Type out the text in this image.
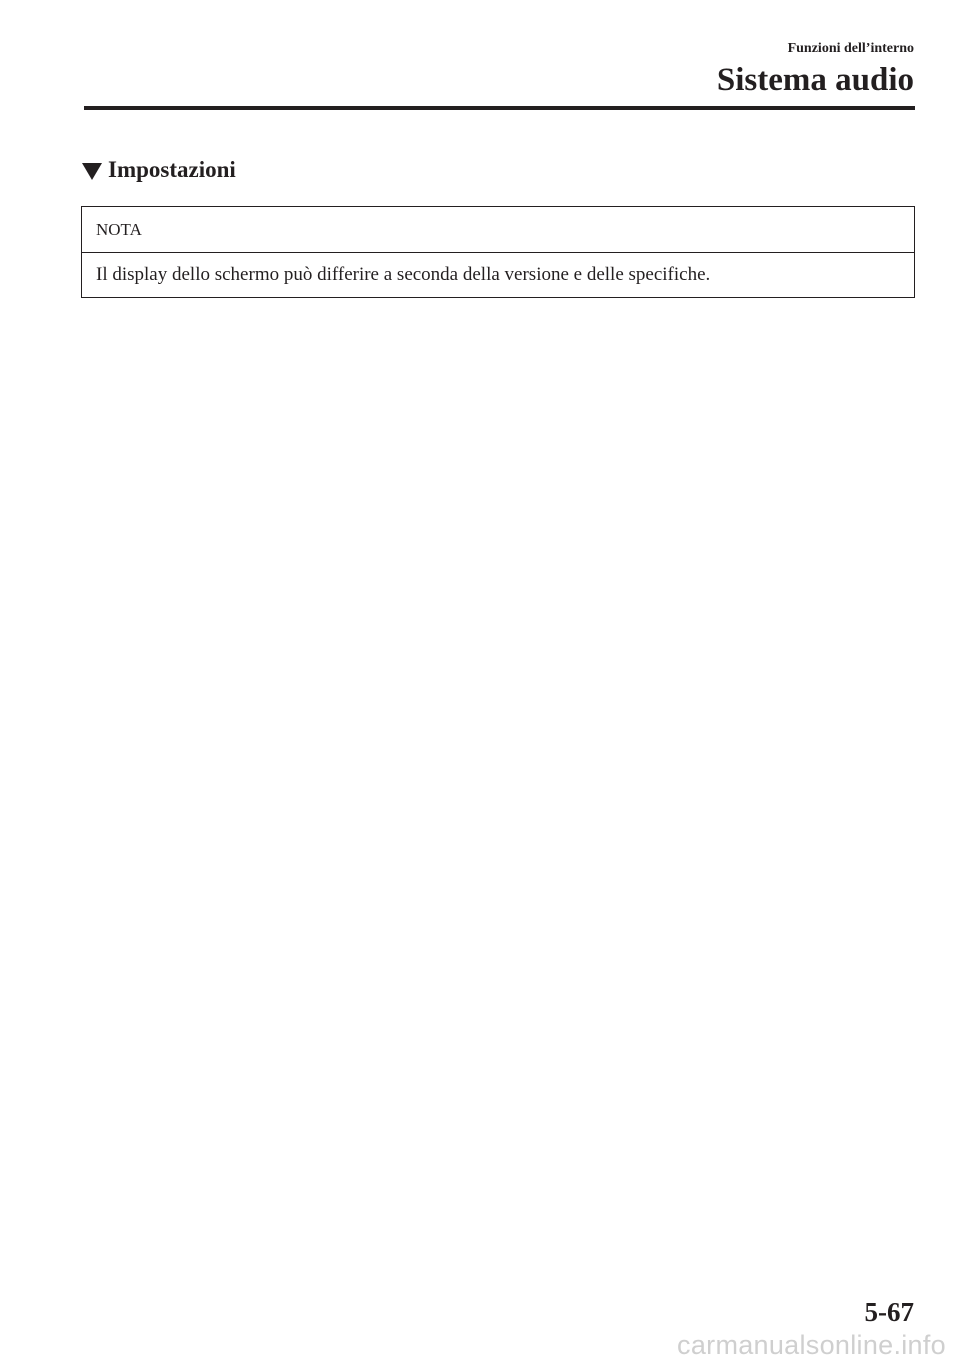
Funzioni dell’interno
Sistema audio
Impostazioni
NOTA
Il display dello schermo può differire a seconda della versione e delle specifiche.
5-67
carmanualsonline.info
